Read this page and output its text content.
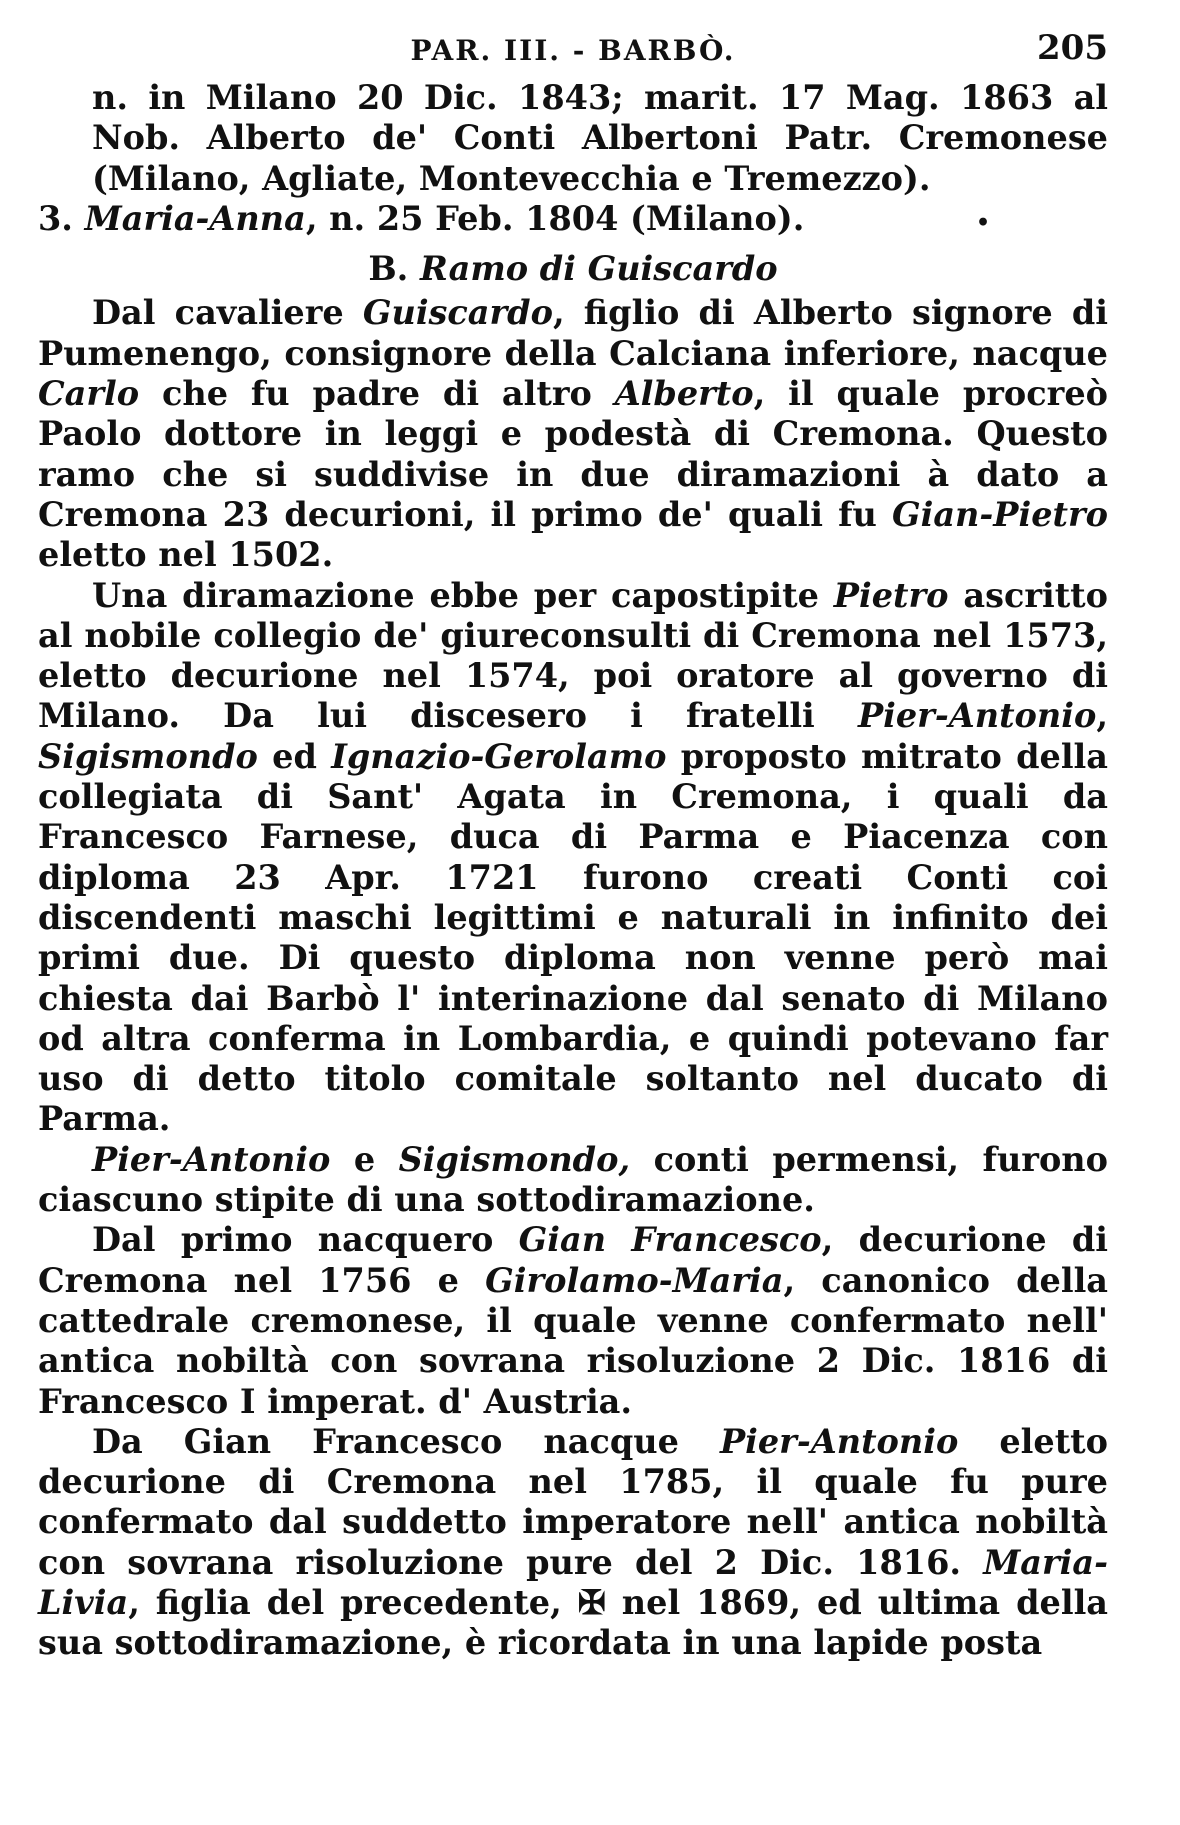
PAR. III. - BARBÒ.	205

n. in Milano 20 Dic. 1843; marit. 17 Mag. 1863 al Nob. Alberto de' Conti Albertoni Patr. Cremonese (Milano, Agliate, Montevecchia e Tremezzo).

3. Maria-Anna, n. 25 Feb. 1804 (Milano).	•

B. Ramo di Guiscardo

Dal cavaliere Guiscardo, figlio di Alberto signore di Pumenengo, consignore della Calciana inferiore, nacque Carlo che fu padre di altro Alberto, il quale procreò Paolo dottore in leggi e podestà di Cremona. Questo ramo che si suddivise in due diramazioni à dato a Cremona 23 decurioni, il primo de' quali fu Gian-Pietro eletto nel 1502.

Una diramazione ebbe per capostipite Pietro ascritto al nobile collegio de' giureconsulti di Cremona nel 1573, eletto decurione nel 1574, poi oratore al governo di Milano. Da lui discesero i fratelli Pier-Antonio, Sigismondo ed Ignazio-Gerolamo proposto mitrato della collegiata di Sant' Agata in Cremona, i quali da Francesco Farnese, duca di Parma e Piacenza con diploma 23 Apr. 1721 furono creati Conti coi discendenti maschi legittimi e naturali in infinito dei primi due. Di questo diploma non venne però mai chiesta dai Barbò l' interinazione dal senato di Milano od altra conferma in Lombardia, e quindi potevano far uso di detto titolo comitale soltanto nel ducato di Parma.

Pier-Antonio e Sigismondo, conti permensi, furono ciascuno stipite di una sottodiramazione.

Dal primo nacquero Gian Francesco, decurione di Cremona nel 1756 e Girolamo-Maria, canonico della cattedrale cremonese, il quale venne confermato nell' antica nobiltà con sovrana risoluzione 2 Dic. 1816 di Francesco I imperat. d' Austria.

Da Gian Francesco nacque Pier-Antonio eletto decurione di Cremona nel 1785, il quale fu pure confermato dal suddetto imperatore nell' antica nobiltà con sovrana risoluzione pure del 2 Dic. 1816. Maria-Livia, figlia del precedente, ✠ nel 1869, ed ultima della sua sottodiramazione, è ricordata in una lapide posta
